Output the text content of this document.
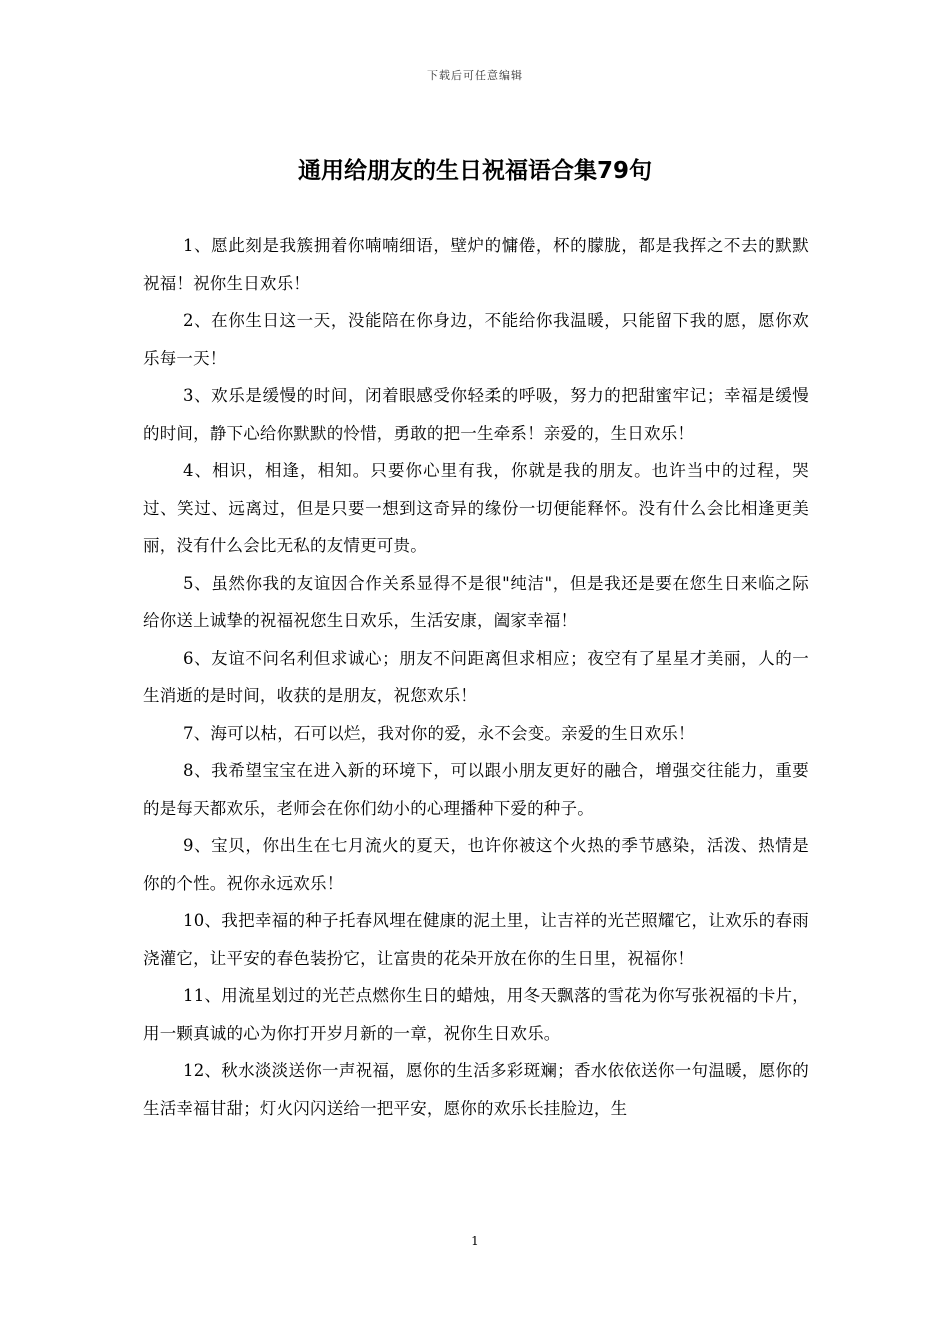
下载后可任意编辑
通用给朋友的生日祝福语合集79句

1、愿此刻是我簇拥着你喃喃细语，壁炉的慵倦，杯的朦胧，都是我挥之不去的默默祝福！祝你生日欢乐！

2、在你生日这一天，没能陪在你身边，不能给你我温暖，只能留下我的愿，愿你欢乐每一天！

3、欢乐是缓慢的时间，闭着眼感受你轻柔的呼吸，努力的把甜蜜牢记；幸福是缓慢的时间，静下心给你默默的怜惜，勇敢的把一生牵系！亲爱的，生日欢乐！

4、相识，相逢，相知。只要你心里有我，你就是我的朋友。也许当中的过程，哭过、笑过、远离过，但是只要一想到这奇异的缘份一切便能释怀。没有什么会比相逢更美丽，没有什么会比无私的友情更可贵。

5、虽然你我的友谊因合作关系显得不是很"纯洁"，但是我还是要在您生日来临之际给你送上诚挚的祝福祝您生日欢乐，生活安康，阖家幸福！

6、友谊不问名利但求诚心；朋友不问距离但求相应；夜空有了星星才美丽，人的一生消逝的是时间，收获的是朋友，祝您欢乐！

7、海可以枯，石可以烂，我对你的爱，永不会变。亲爱的生日欢乐！

8、我希望宝宝在进入新的环境下，可以跟小朋友更好的融合，增强交往能力，重要的是每天都欢乐，老师会在你们幼小的心理播种下爱的种子。

9、宝贝，你出生在七月流火的夏天，也许你被这个火热的季节感染，活泼、热情是你的个性。祝你永远欢乐！

10、我把幸福的种子托春风埋在健康的泥土里，让吉祥的光芒照耀它，让欢乐的春雨浇灌它，让平安的春色装扮它，让富贵的花朵开放在你的生日里，祝福你！

11、用流星划过的光芒点燃你生日的蜡烛，用冬天飘落的雪花为你写张祝福的卡片，用一颗真诚的心为你打开岁月新的一章，祝你生日欢乐。

12、秋水淡淡送你一声祝福，愿你的生活多彩斑斓；香水依依送你一句温暖，愿你的生活幸福甘甜；灯火闪闪送给一把平安，愿你的欢乐长挂脸边，生

1
